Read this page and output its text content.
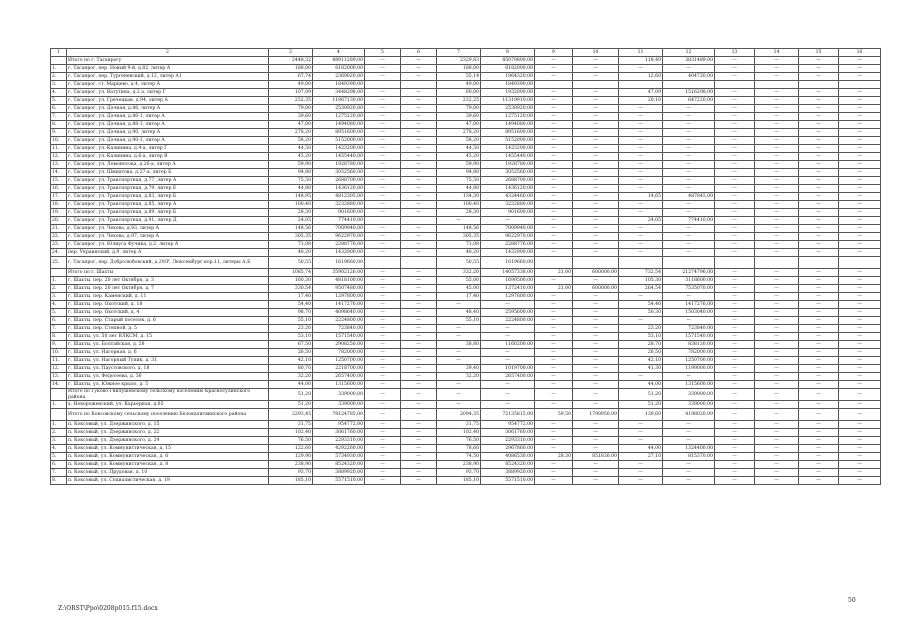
1	2	3	4	5	6	7	8	9	10	11	12	13	14	15	16
	Итого по г. Таганрогу	2448,32	88911289,00	—	—	2329,83	85079800,00	—	—	118,49	3831489,00	—	—	—	—
1.	г. Таганрог, пер. Новый 9-й, д.82, литер А	188,00	6182000,00	—	—	188,00	6182000,00	—	—	—	—	—	—	—	—
2.	г. Таганрог, пер. Тургеневский, д.12, литер А1	67,74	2369020,00	—	—	55,14	1964320,00	—	—	12,60	404720,00	—	—	—	—
3.	г. Таганрог, ст. Марцево, д.4, литер А	49,00	1849390,00			49,00	1849390,00								
4.	г. Таганрог, ул. Ватутина, д.2 а, литер Г	107,09	3448298,00	—	—	60,00	1932000,00	—	—	47,09	1516298,00	—	—	—	—
5.	г. Таганрог, ул. Гречецкая, д.94, литер А	252,35	11967130,00	—	—	232,25	11319910,00	—	—	20,10	647220,00	—	—	—	—
6.	г. Таганрог, ул. Дачная, д.86, литер А	79,00	2530920,00	—	—	79,00	2530920,00	—	—	—	—	—	—	—	—
7.	г. Таганрог, ул. Дачная, д.86-1, литер А	39,60	1275120,00	—	—	39,60	1275120,00	—	—	—	—	—	—	—	—
8.	г. Таганрог, ул. Дачная, д.88-1, литер А	47,00	1494080,00	—	—	47,00	1494080,00	—	—	—	—	—	—	—	—
9.	г. Таганрог, ул. Дачная, д.90, литер А	278,20	8951600,00	—	—	278,20	8951600,00	—	—	—	—	—	—	—	—
10.	г. Таганрог, ул. Дачная, д.90-1, литер А	58,20	5152000,00	—	—	58,20	5152000,00	—	—	—	—	—	—	—	—
11.	г. Таганрог, ул. Калинина, д.4-а, литер Г	44,50	1423200,00	—	—	44,50	1423200,00	—	—	—	—	—	—	—	—
12.	г. Таганрог, ул. Калинина, д.6-а, литер В	45,20	1455440,00	—	—	45,20	1455440,00	—	—	—	—	—	—	—	—
13.	г. Таганрог, ул. Ломоносова, д.26-а, литер А	59,90	1928780,00	—	—	59,90	1928780,00	—	—	—	—	—	—	—	—
14.	г. Таганрог, ул. Шмидтова, д.27-а, литер Б	94,80	3052560,00	—	—	94,80	3052560,00	—	—	—	—	—	—	—	—
15.	г. Таганрог, ул. Транспортная, д.77, литер А	75,50	2688700,00	—	—	75,50	2688700,00	—	—	—	—	—	—	—	—
16.	г. Таганрог, ул. Транспортная, д.79, литер Е	44,80	1436120,00	—	—	44,80	1436120,00	—	—	—	—	—	—	—	—
17.	г. Таганрог, ул. Транспортная, д.83, литер Б	148,95	4812305,00	—	—	134,30	4324460,00	—	—	14,65	487845,00	—	—	—	—
18.	г. Таганрог, ул. Транспортная, д.85, литер А	100,40	3232880,00	—	—	100,40	3232880,00	—	—	—	—	—	—	—	—
19.	г. Таганрог, ул. Транспортная, д.89, литер Б	28,30	901600,00	—	—	28,30	901600,00	—	—	—	—	—	—	—	—
20.	г. Таганрог, ул. Транспортная, д.91, литер Д	24,05	774410,00			—	—	—	—	24,05	774410,00	—	—	—	—
21.	г. Таганрог, ул. Чехова, д.93, литер А	148,56	7009940,00	—	—	148,56	7009940,00	—	—	—	—	—	—	—	—
22.	г. Таганрог, ул. Чехова, д.97, литер А	305,35	9622970,00	—	—	305,35	9622970,00	—	—	—	—	—	—	—	—
23.	г. Таганрог, ул. Юлиуса Фучика, д.2, литер А	71,08	2288776,00	—	—	71,08	2288776,00	—	—	—	—	—	—	—	—
24.	пер. Украинский, д.9, литер А	40,20	1432900,00	—	—	40,20	1432900,00	—	—	—	—	—	—	—	—
25.	г. Таганрог, пер. Добролюбовский, д.29/Р. Люксембург кор.11, литеры А,Б	50,55	1619660,00			50,55	1619660,00								
	Итого по г. Шахты	1085,74	35902126,00	—	—	332,20	14057338,00	21,00	600000,00	732,54	21274796,00	—	—	—	—
1.	г. Шахты, пер. 20 лет Октября, д. 3	160,30	4818100,00	—	—	55,00	1699500,00	—	—	105,30	3118600,00	—	—	—	—
2.	г. Шахты, пер. 20 лет Октября, д. 7	330,54	9507480,00	—	—	45,00	1372410,00	21,00	600000,00	264,54	7535070,00	—	—	—	—
3.	г. Шахты, пер. Каменский, д. 11	17,40	1297800,00	—	—	17,40	1297800,00	—	—	—	—	—	—	—	—
4.	г. Шахты, пер. Охотский, д. 18	54,40	1417276,00	—	—	—	—	—	—	54,40	1417276,00	—	—	—	—
5.	г. Шахты, пер. Охотский, д. 4	98,70	4098640,00	—	—	48,40	2595600,00	—	—	50,30	1503040,00	—	—	—	—
6.	г. Шахты, пер. Старый поселок, д. 6	55,10	2224800,00	—	—	55,10	2224800,00	—	—	—	—	—	—	—	—
7.	г. Шахты, пер. Степной, д. 5	23,20	723840,00	—	—	—	—	—	—	23,20	723840,00	—	—	—	—
8.	г. Шахты, ул. 50 лет ВЛКСМ, д. 15	53,10	1571540,00	—	—	—	—	—	—	53,10	1571540,00	—	—	—	—
9.	г. Шахты, ул. Болтайская, д. 28	67,50	2908250,00	—	—	38,80	1160200,00	—	—	28,70	838130,00	—	—	—	—
10.	г. Шахты, ул. Нагорная, д. 6	26,50	782000,00	—	—	—	—	—	—	26,50	782000,00	—	—	—	—
11.	г. Шахты, ул. Нагорный Тупик, д. 31	42,10	1250700,00	—	—	—	—	—	—	42,10	1250700,00	—	—	—	—
12.	г. Шахты, ул. Паустовского, д. 18	80,70	2218700,00	—	—	39,40	1019700,00	—	—	41,30	1199000,00	—	—	—	—
13.	г. Шахты, ул. Федосеева, д. 36	32,20	2657400,00	—	—	32,20	2657400,00	—	—	—	—	—	—	—	—
14.	г. Шахты, ул. Южное крыло, д. 5	44,00	1315600,00	—	—	—	—	—	—	44,00	1315600,00	—	—	—	—
	Итого по Гуково-Гнилушевскому сельскому поселению Красносулинского района	51,20	339000,00	—	—	—	—	—	—	51,20	339000,00	—	—	—	—
1.	х. Новороженский, ул. Карьерная, д.65	51,20	339000,00	—	—	—	—	—	—	51,20	339000,00	—	—	—	—
	Итого по Коксовскому сельскому поселению Белокалитвинского района	2293,45	78124785,00	—	—	2094,35	72135815,00	59,50	1790950,00	139,60	4198020,00	—	—	—	—
1.	п. Коксовый, ул. Дзержинского, д. 15	31,75	954772,00	—	—	31,75	954772,00	—	—	—	—	—	—	—	—
2.	п. Коксовый, ул. Дзержинского, д. 22	102,40	3061760,00	—	—	102,40	3061760,00	—	—	—	—	—	—	—	—
3.	п. Коксовый, ул. Дзержинского, д. 24	76,50	2293310,00	—	—	76,50	2293310,00	—	—	—	—	—	—	—	—
4.	п. Коксовый, ул. Коммунистическая, д. 15	122,60	4292260,00	—	—	78,60	2967860,00	—	—	44,00	1324400,00	—	—	—	—
5.	п. Коксовый, ул. Коммунистическая, д. 6	129,90	5734930,00	—	—	74,50	4086530,00	28,30	851830,00	27,10	815370,00	—	—	—	—
6.	п. Коксовый, ул. Коммунистическая, д. 8	238,90	8524320,00	—	—	238,90	8524320,00	—	—	—	—	—	—	—	—
7.	п. Коксовый, ул. Прудовая, д. 10	93,70	3889920,00	—	—	93,70	3889920,00	—	—	—	—	—	—	—	—
8.	п. Коксовый, ул. Социалистическая, д. 19	185,10	5571510,00	—	—	185,10	5571510,00	—	—	—	—	—	—	—	—
Z:\ORST\Ppo\0208p015.f15.docx
50
